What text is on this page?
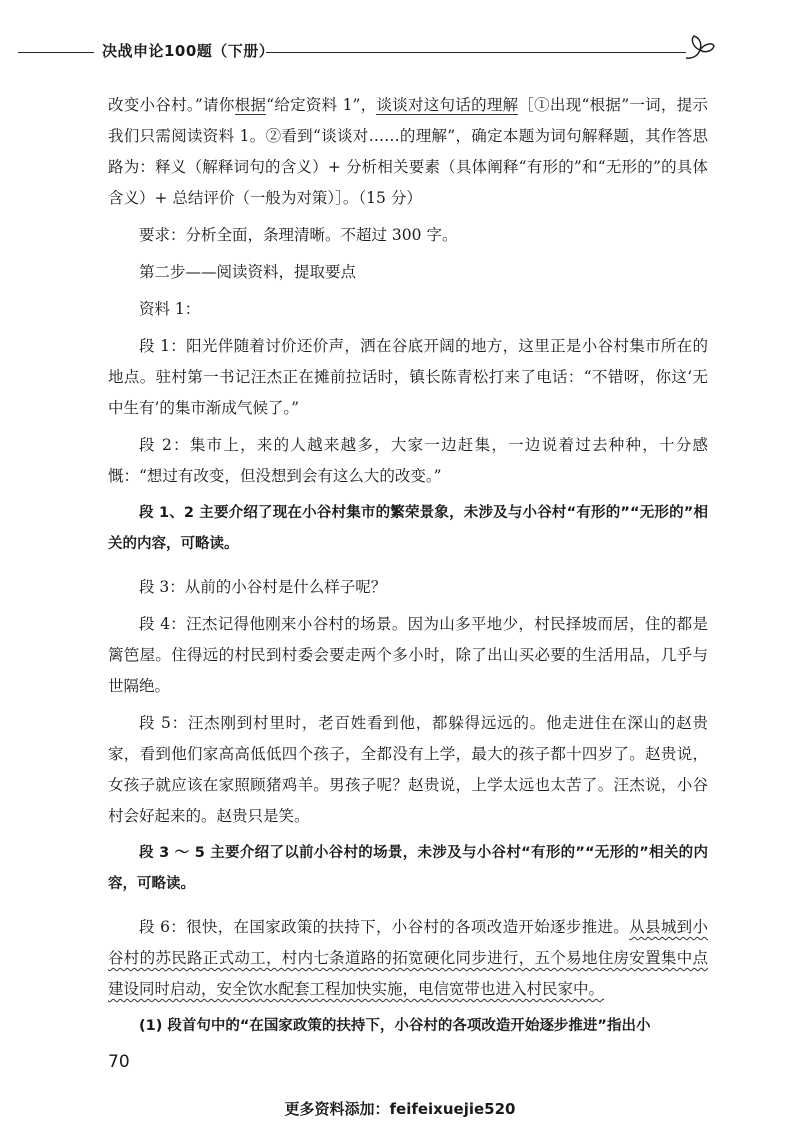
决战申论100题（下册）

改变小谷村。”请你根据“给定资料 1”，谈谈对这句话的理解［①出现“根据”一词，提示我们只需阅读资料 1。②看到“谈谈对……的理解”，确定本题为词句解释题，其作答思路为：释义（解释词句的含义）+ 分析相关要素（具体阐释“有形的”和“无形的”的具体含义）+ 总结评价（一般为对策）］。（15 分）

要求：分析全面，条理清晰。不超过 300 字。

第二步——阅读资料，提取要点

资料 1：

段 1：阳光伴随着讨价还价声，洒在谷底开阔的地方，这里正是小谷村集市所在的地点。驻村第一书记汪杰正在摊前拉话时，镇长陈青松打来了电话：“不错呀，你这‘无中生有’的集市渐成气候了。”

段 2：集市上，来的人越来越多，大家一边赶集，一边说着过去种种，十分感慨：“想过有改变，但没想到会有这么大的改变。”

段 1、2 主要介绍了现在小谷村集市的繁荣景象，未涉及与小谷村“有形的”“无形的”相关的内容，可略读。

段 3：从前的小谷村是什么样子呢？

段 4：汪杰记得他刚来小谷村的场景。因为山多平地少，村民择坡而居，住的都是篱笆屋。住得远的村民到村委会要走两个多小时，除了出山买必要的生活用品，几乎与世隔绝。

段 5：汪杰刚到村里时，老百姓看到他，都躲得远远的。他走进住在深山的赵贵家，看到他们家高高低低四个孩子，全都没有上学，最大的孩子都十四岁了。赵贵说，女孩子就应该在家照顾猪鸡羊。男孩子呢？赵贵说，上学太远也太苦了。汪杰说，小谷村会好起来的。赵贵只是笑。

段 3 ～ 5 主要介绍了以前小谷村的场景，未涉及与小谷村“有形的”“无形的”相关的内容，可略读。

段 6：很快，在国家政策的扶持下，小谷村的各项改造开始逐步推进。从县城到小谷村的苏民路正式动工，村内七条道路的拓宽硬化同步进行，五个易地住房安置集中点建设同时启动，安全饮水配套工程加快实施，电信宽带也进入村民家中。

(1) 段首句中的“在国家政策的扶持下，小谷村的各项改造开始逐步推进”指出小

70
更多资料添加：feifeixuejie520
